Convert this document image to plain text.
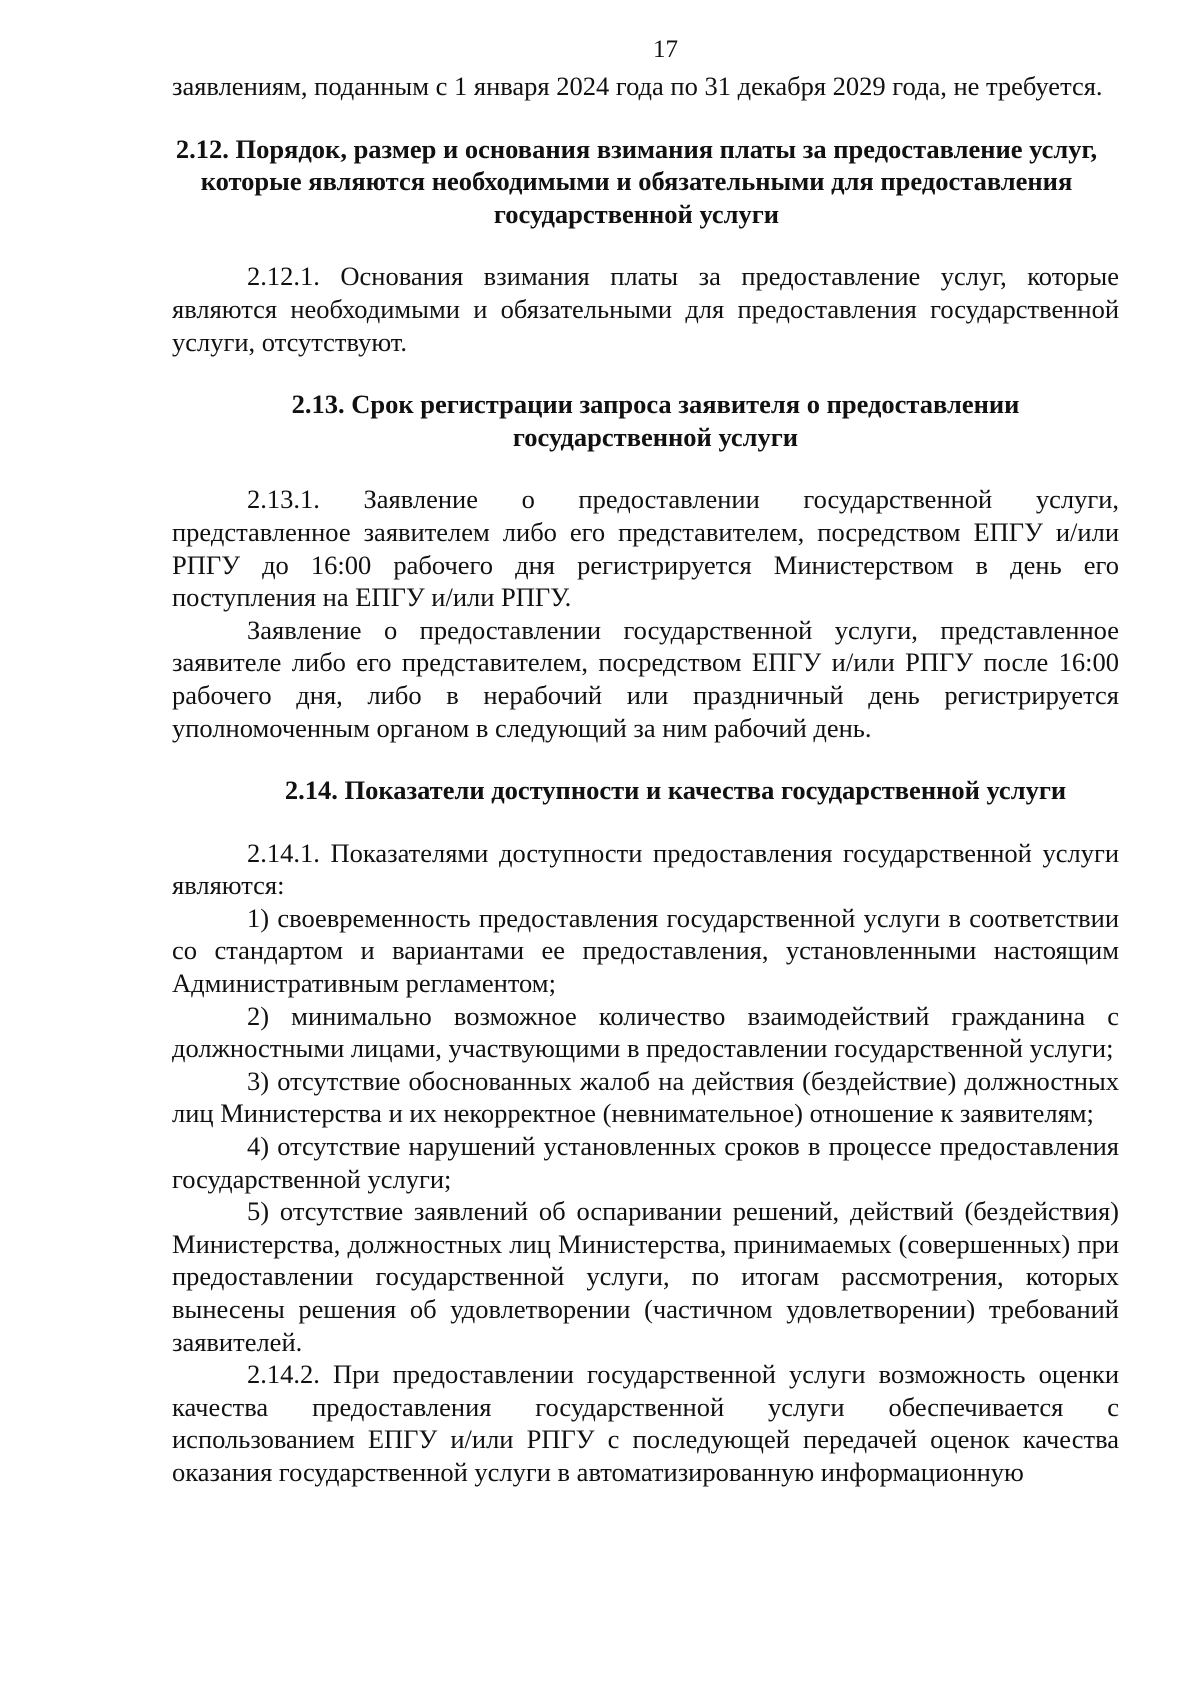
17

заявлениям, поданным с 1 января 2024 года по 31 декабря 2029 года, не требуется.

2.12. Порядок, размер и основания взимания платы за предоставление услуг, которые являются необходимыми и обязательными для предоставления государственной услуги

2.12.1. Основания взимания платы за предоставление услуг, которые являются необходимыми и обязательными для предоставления государственной услуги, отсутствуют.

2.13. Срок регистрации запроса заявителя о предоставлении государственной услуги

2.13.1. Заявление о предоставлении государственной услуги, представленное заявителем либо его представителем, посредством ЕПГУ и/или РПГУ до 16:00 рабочего дня регистрируется Министерством в день его поступления на ЕПГУ и/или РПГУ.

Заявление о предоставлении государственной услуги, представленное заявителе либо его представителем, посредством ЕПГУ и/или РПГУ после 16:00 рабочего дня, либо в нерабочий или праздничный день регистрируется уполномоченным органом в следующий за ним рабочий день.

2.14. Показатели доступности и качества государственной услуги

2.14.1. Показателями доступности предоставления государственной услуги являются:

1) своевременность предоставления государственной услуги в соответствии со стандартом и вариантами ее предоставления, установленными настоящим Административным регламентом;

2) минимально возможное количество взаимодействий гражданина с должностными лицами, участвующими в предоставлении государственной услуги;

3) отсутствие обоснованных жалоб на действия (бездействие) должностных лиц Министерства и их некорректное (невнимательное) отношение к заявителям;

4) отсутствие нарушений установленных сроков в процессе предоставления государственной услуги;

5) отсутствие заявлений об оспаривании решений, действий (бездействия) Министерства, должностных лиц Министерства, принимаемых (совершенных) при предоставлении государственной услуги, по итогам рассмотрения, которых вынесены решения об удовлетворении (частичном удовлетворении) требований заявителей.

2.14.2. При предоставлении государственной услуги возможность оценки качества предоставления государственной услуги обеспечивается с использованием ЕПГУ и/или РПГУ с последующей передачей оценок качества оказания государственной услуги в автоматизированную информационную
